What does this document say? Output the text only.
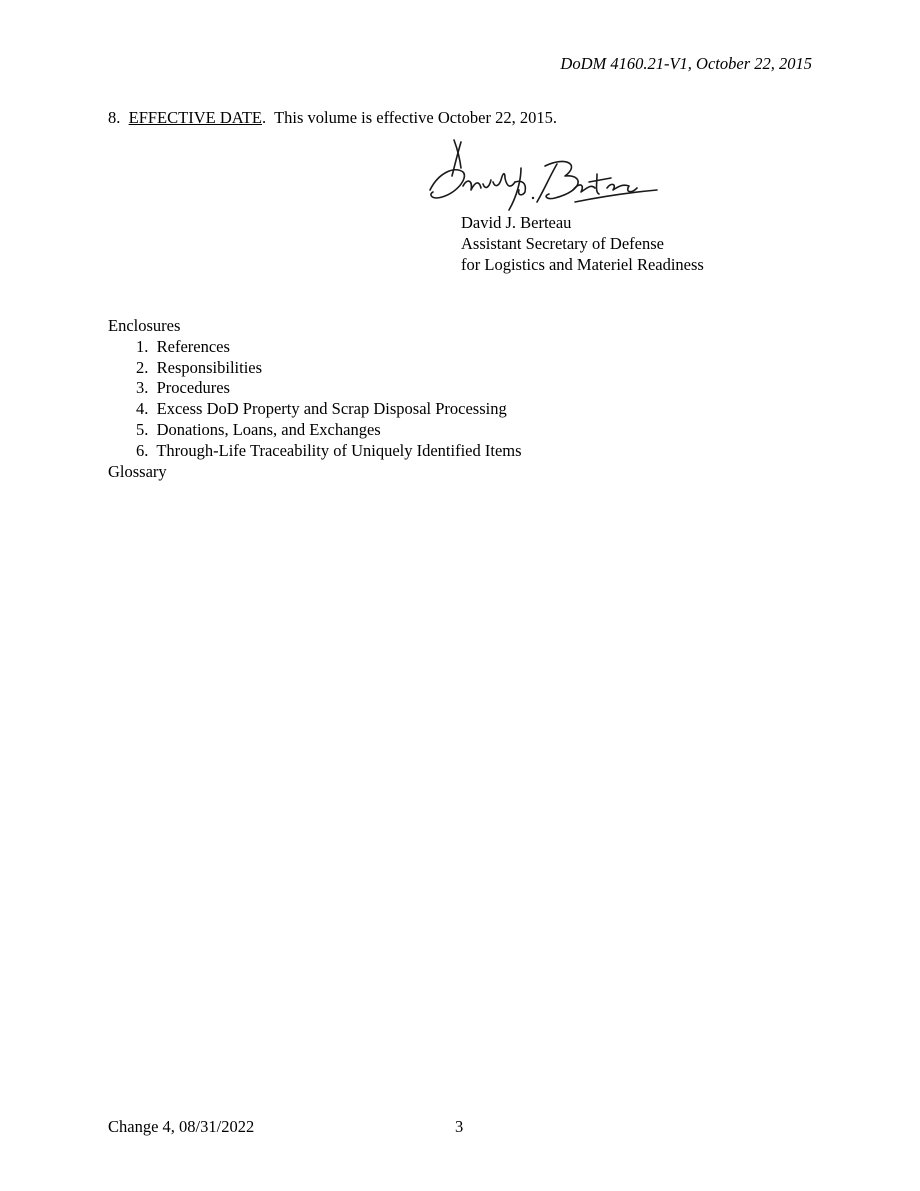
DoDM 4160.21-V1, October 22, 2015
8. EFFECTIVE DATE.  This volume is effective October 22, 2015.
David J. Berteau
Assistant Secretary of Defense
for Logistics and Materiel Readiness
Enclosures
1.  References
2.  Responsibilities
3.  Procedures
4.  Excess DoD Property and Scrap Disposal Processing
5.  Donations, Loans, and Exchanges
6.  Through-Life Traceability of Uniquely Identified Items
Glossary
Change 4, 08/31/2022	3
